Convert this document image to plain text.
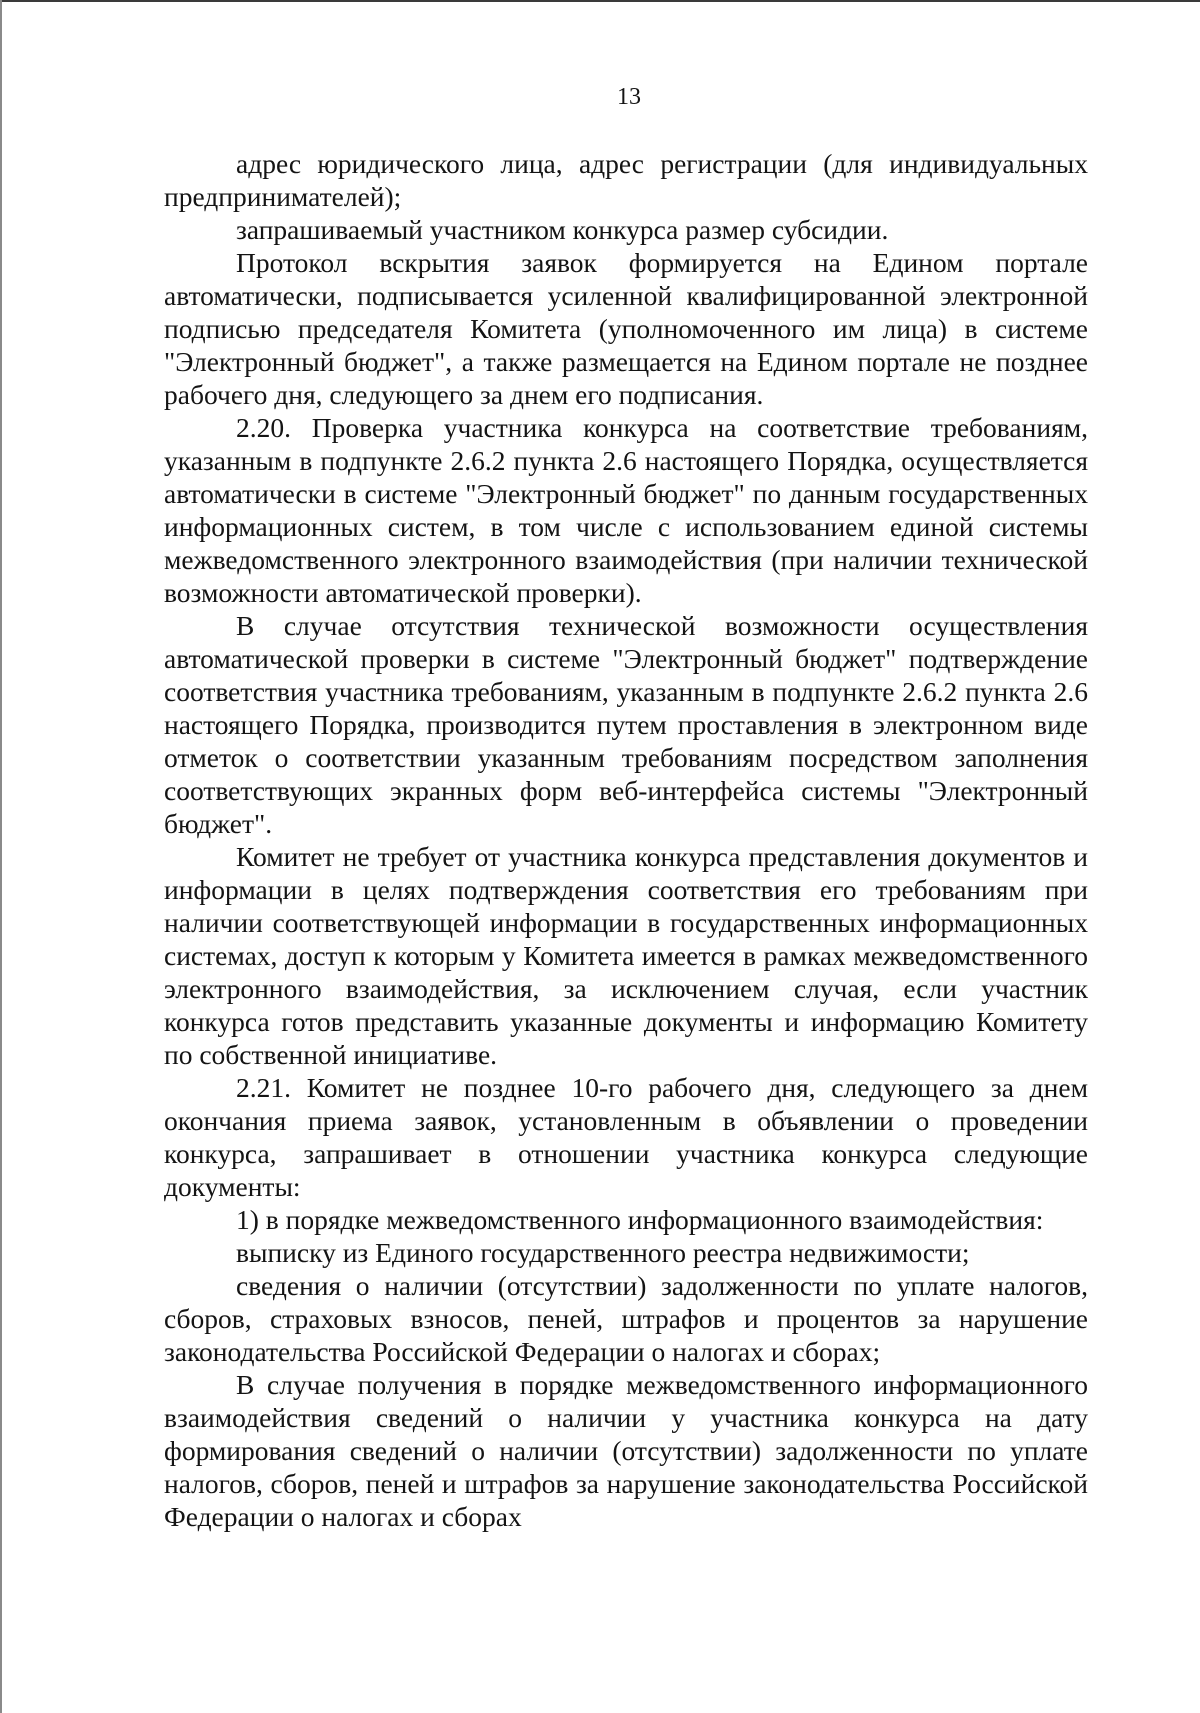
13

адрес юридического лица, адрес регистрации (для индивидуальных предпринимателей);

запрашиваемый участником конкурса размер субсидии.

Протокол вскрытия заявок формируется на Едином портале автоматически, подписывается усиленной квалифицированной электронной подписью председателя Комитета (уполномоченного им лица) в системе "Электронный бюджет", а также размещается на Едином портале не позднее рабочего дня, следующего за днем его подписания.

2.20. Проверка участника конкурса на соответствие требованиям, указанным в подпункте 2.6.2 пункта 2.6 настоящего Порядка, осуществляется автоматически в системе "Электронный бюджет" по данным государственных информационных систем, в том числе с использованием единой системы межведомственного электронного взаимодействия (при наличии технической возможности автоматической проверки).

В случае отсутствия технической возможности осуществления автоматической проверки в системе "Электронный бюджет" подтверждение соответствия участника требованиям, указанным в подпункте 2.6.2 пункта 2.6 настоящего Порядка, производится путем проставления в электронном виде отметок о соответствии указанным требованиям посредством заполнения соответствующих экранных форм веб-интерфейса системы "Электронный бюджет".

Комитет не требует от участника конкурса представления документов и информации в целях подтверждения соответствия его требованиям при наличии соответствующей информации в государственных информационных системах, доступ к которым у Комитета имеется в рамках межведомственного электронного взаимодействия, за исключением случая, если участник конкурса готов представить указанные документы и информацию Комитету по собственной инициативе.

2.21. Комитет не позднее 10-го рабочего дня, следующего за днем окончания приема заявок, установленным в объявлении о проведении конкурса, запрашивает в отношении участника конкурса следующие документы:

1) в порядке межведомственного информационного взаимодействия:

выписку из Единого государственного реестра недвижимости;

сведения о наличии (отсутствии) задолженности по уплате налогов, сборов, страховых взносов, пеней, штрафов и процентов за нарушение законодательства Российской Федерации о налогах и сборах;

В случае получения в порядке межведомственного информационного взаимодействия сведений о наличии у участника конкурса на дату формирования сведений о наличии (отсутствии) задолженности по уплате налогов, сборов, пеней и штрафов за нарушение законодательства Российской Федерации о налогах и сборах
